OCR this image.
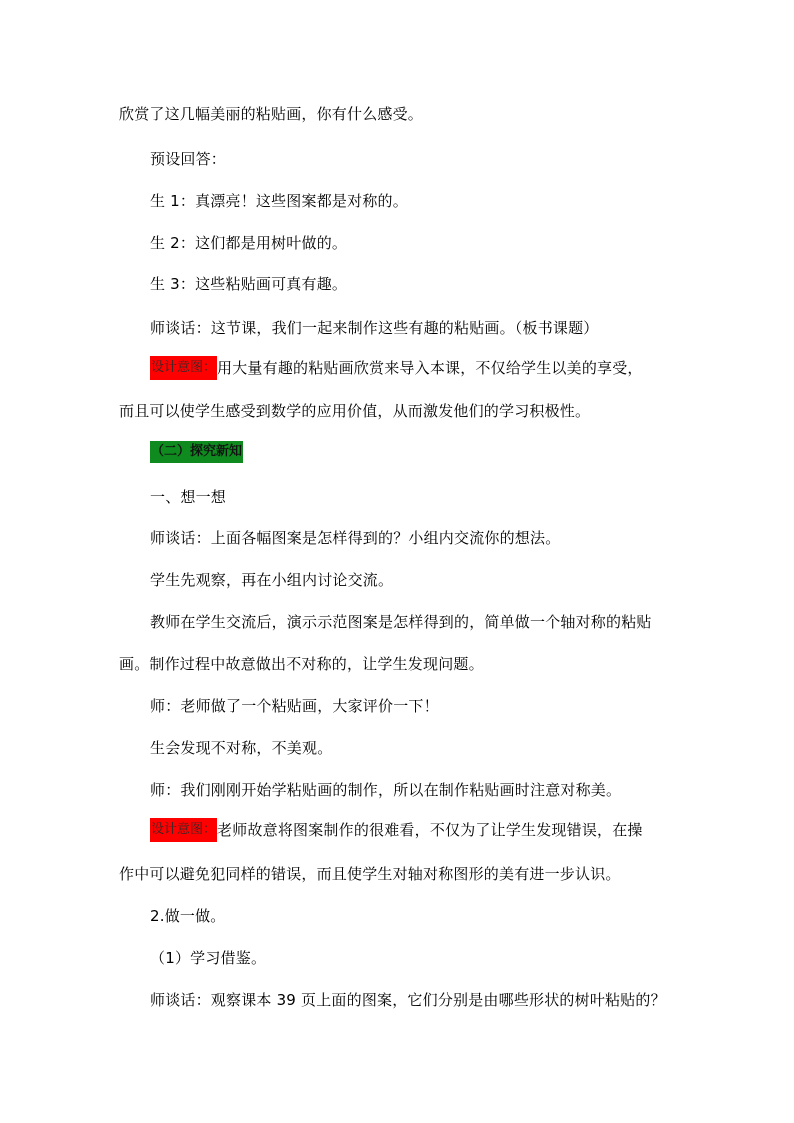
欣赏了这几幅美丽的粘贴画，你有什么感受。
预设回答：
生 1：真漂亮！这些图案都是对称的。
生 2：这们都是用树叶做的。
生 3：这些粘贴画可真有趣。
师谈话：这节课，我们一起来制作这些有趣的粘贴画。（板书课题）
设计意图：用大量有趣的粘贴画欣赏来导入本课，不仅给学生以美的享受，
而且可以使学生感受到数学的应用价值，从而激发他们的学习积极性。
（二）探究新知
一、想一想
师谈话：上面各幅图案是怎样得到的？小组内交流你的想法。
学生先观察，再在小组内讨论交流。
教师在学生交流后，演示示范图案是怎样得到的，简单做一个轴对称的粘贴
画。制作过程中故意做出不对称的，让学生发现问题。
师：老师做了一个粘贴画，大家评价一下！
生会发现不对称，不美观。
师：我们刚刚开始学粘贴画的制作，所以在制作粘贴画时注意对称美。
设计意图：老师故意将图案制作的很难看，不仅为了让学生发现错误，在操
作中可以避免犯同样的错误，而且使学生对轴对称图形的美有进一步认识。
2.做一做。
（1）学习借鉴。
师谈话：观察课本 39 页上面的图案，它们分别是由哪些形状的树叶粘贴的？
